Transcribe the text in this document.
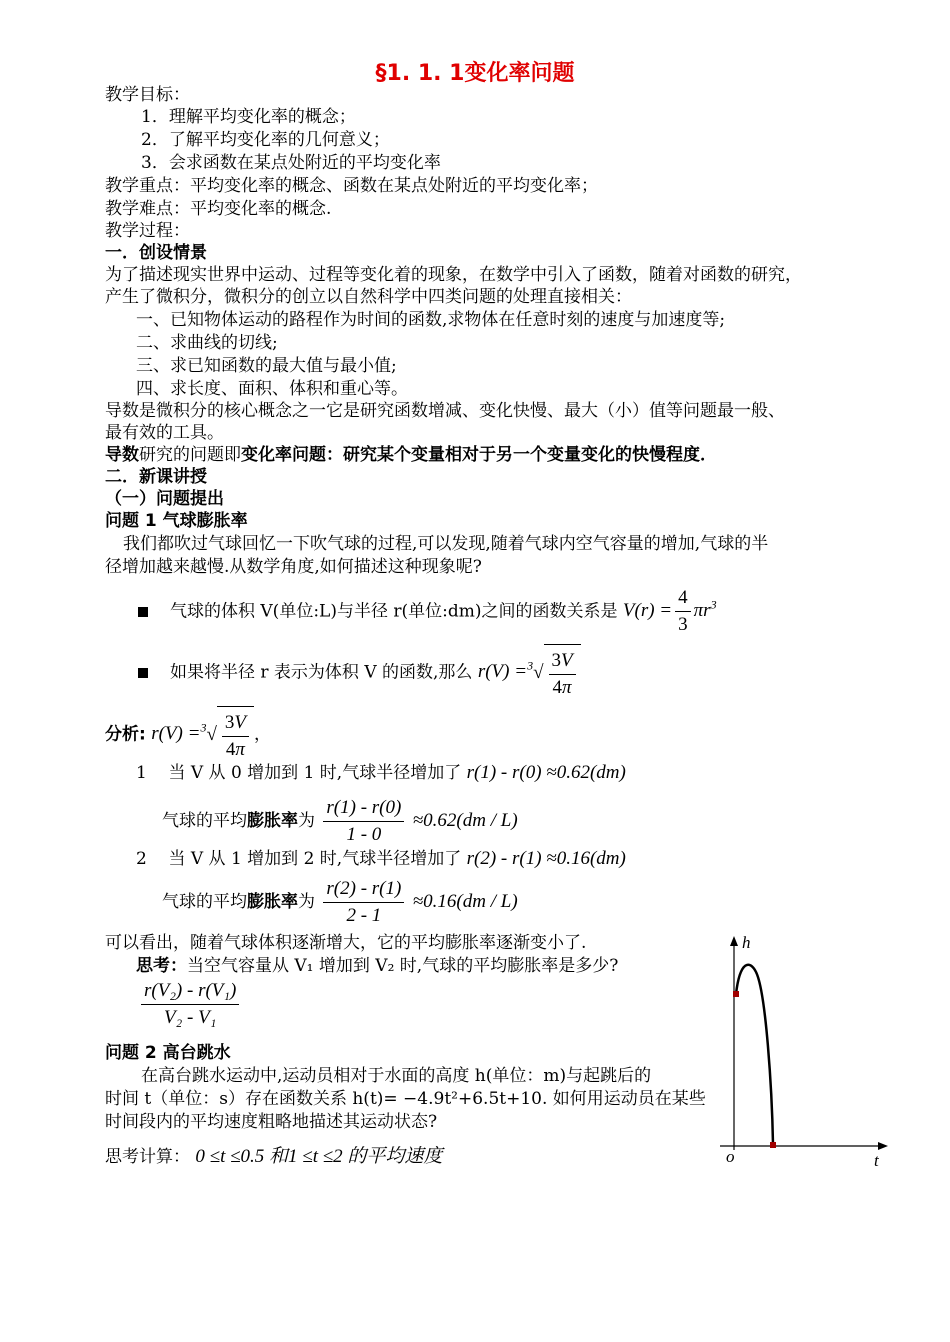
§1. 1. 1变化率问题
教学目标：
1．理解平均变化率的概念；
2．了解平均变化率的几何意义；
3．会求函数在某点处附近的平均变化率
教学重点：平均变化率的概念、函数在某点处附近的平均变化率；
教学难点：平均变化率的概念.
教学过程：
一．创设情景
为了描述现实世界中运动、过程等变化着的现象，在数学中引入了函数，随着对函数的研究，
产生了微积分，微积分的创立以自然科学中四类问题的处理直接相关：
一、已知物体运动的路程作为时间的函数,求物体在任意时刻的速度与加速度等;
二、求曲线的切线;
三、求已知函数的最大值与最小值;
四、求长度、面积、体积和重心等。
导数是微积分的核心概念之一它是研究函数增减、变化快慢、最大（小）值等问题最一般、
最有效的工具。
导数研究的问题即变化率问题：研究某个变量相对于另一个变量变化的快慢程度．
二．新课讲授
（一）问题提出
问题 1 气球膨胀率
我们都吹过气球回忆一下吹气球的过程,可以发现,随着气球内空气容量的增加,气球的半
径增加越来越慢.从数学角度,如何描述这种现象呢?
气球的体积 V(单位:L)与半径 r(单位:dm)之间的函数关系是 $V(r) = \frac{4}{3} \pi r^3$
如果将半径 r 表示为体积 V 的函数,那么 $r(V) =^3√ \frac{3V}{4\pi}$
分析: $r(V) =^3√ \frac{3V}{4\pi}$ ，
1 当 V 从 0 增加到 1 时,气球半径增加了 r(1) - r(0) ≈0.62(dm)
气球的平均膨胀率为 $\frac{r(1) - r(0)}{1 - 0} \approx 0.62(dm / L)$
2 当 V 从 1 增加到 2 时,气球半径增加了 r(2) - r(1) ≈0.16(dm)
气球的平均膨胀率为 $\frac{r(2) - r(1)}{2 - 1} \approx 0.16(dm / L)$
可以看出，随着气球体积逐渐增大，它的平均膨胀率逐渐变小了.
思考：当空气容量从 V₁ 增加到 V₂ 时,气球的平均膨胀率是多少?
$\frac{\text{r(V₂) - r(V₁)}}{\text{V₂ - V₁}}$
问题 2 高台跳水
在高台跳水运动中,运动员相对于水面的高度 h(单位：m)与起跳后的
时间 t（单位：s）存在函数关系 h(t)= −4.9t²+6.5t+10. 如何用运动员在某些
时间段内的平均速度粗略地描述其运动状态?
思考计算： 0 ≤t ≤0.5 和1 ≤t ≤2 的平均速度
h
t
o
